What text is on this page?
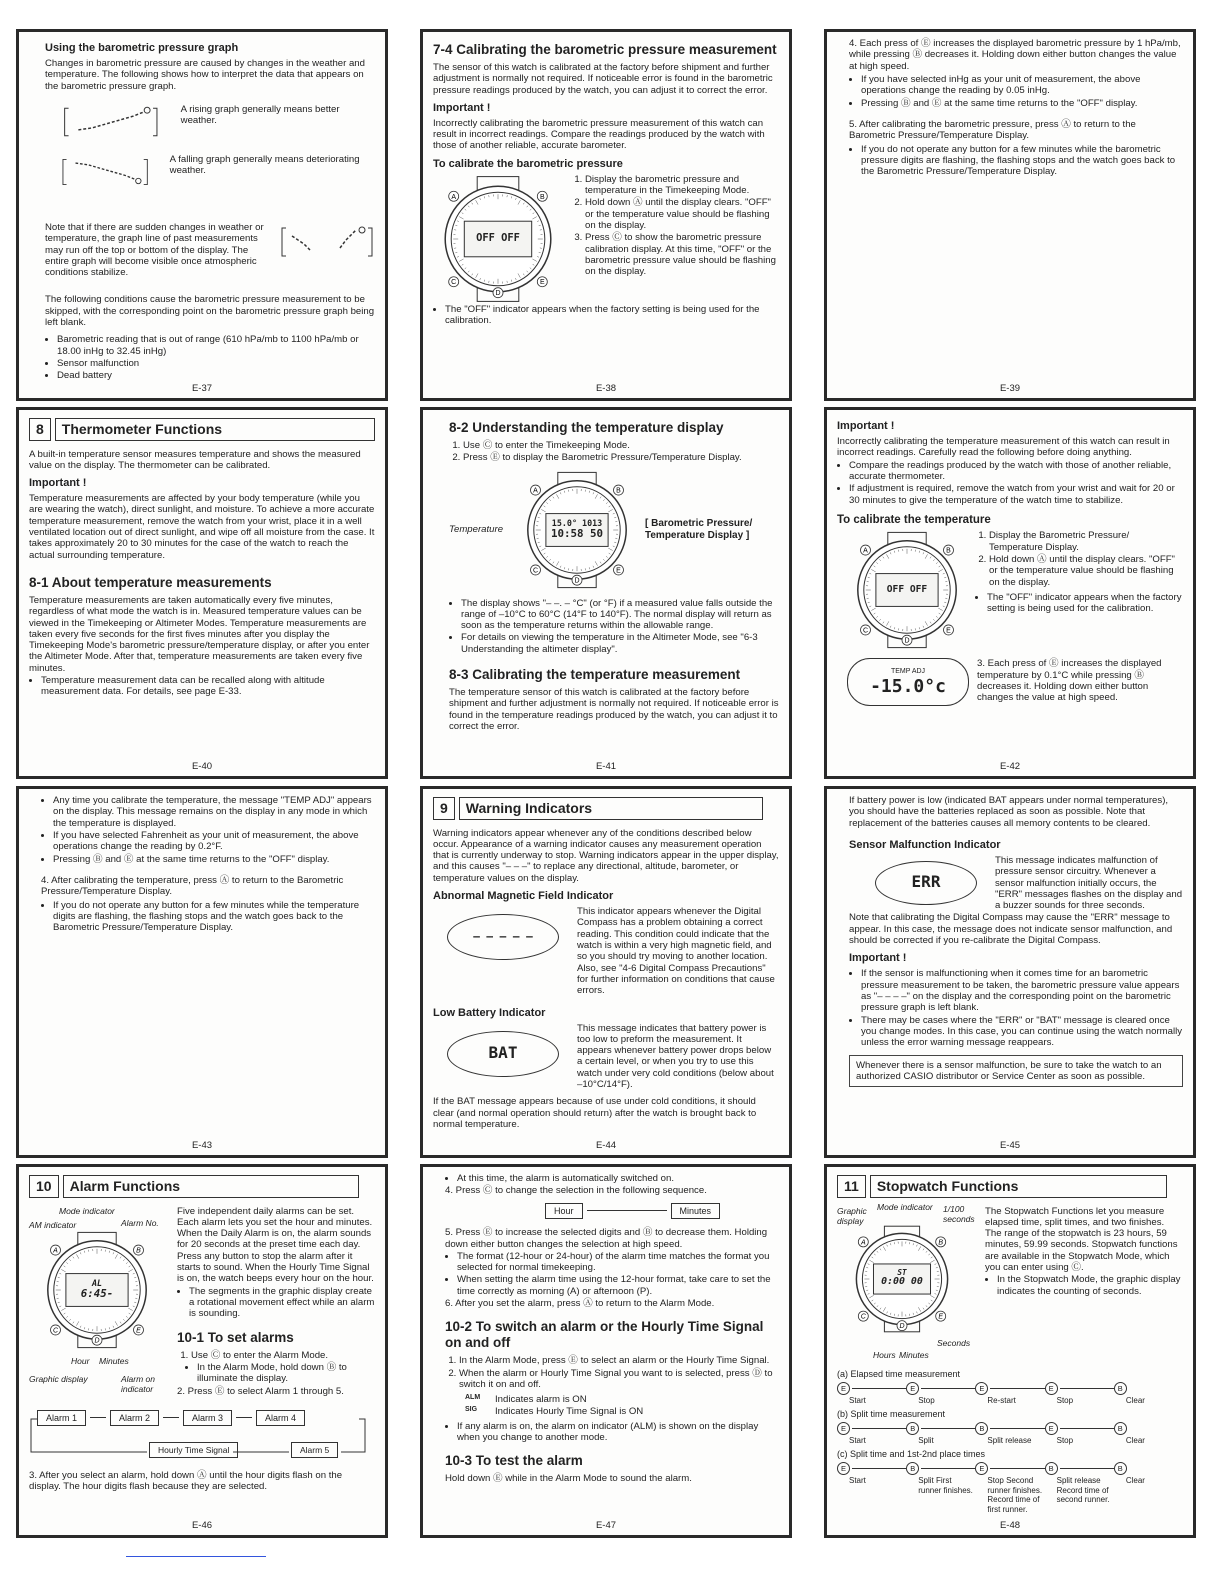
Using the barometric pressure graph

Changes in barometric pressure are caused by changes in the weather and temperature. The following shows how to interpret the data that appears on the barometric pressure graph.

A rising graph generally means better weather.

A falling graph generally means deteriorating weather.

Note that if there are sudden changes in weather or temperature, the graph line of past measurements may run off the top or bottom of the display. The entire graph will become visible once atmospheric conditions stabilize.

The following conditions cause the barometric pressure measurement to be skipped, with the corresponding point on the barometric pressure graph being left blank.

• Barometric reading that is out of range (610 hPa/mb to 1100 hPa/mb or 18.00 inHg to 32.45 inHg)
• Sensor malfunction
• Dead battery
E-37
7-4 Calibrating the barometric pressure measurement

The sensor of this watch is calibrated at the factory before shipment and further adjustment is normally not required. If noticeable error is found in the barometric pressure readings produced by the watch, you can adjust it to correct the error.

Important !

Incorrectly calibrating the barometric pressure measurement of this watch can result in incorrect readings. Compare the readings produced by the watch with those of another reliable, accurate barometer.

To calibrate the barometric pressure
A	B
C	E
D
OFF OFF
1. Display the barometric pressure and temperature in the Timekeeping Mode.
2. Hold down Ⓐ until the display clears. "OFF" or the temperature value should be flashing on the display.
3. Press Ⓒ to show the barometric pressure calibration display. At this time, "OFF" or the barometric pressure value should be flashing on the display.
• The "OFF" indicator appears when the factory setting is being used for the calibration.
E-38

4. Each press of Ⓔ increases the displayed barometric pressure by 1 hPa/mb, while pressing Ⓑ decreases it. Holding down either button changes the value at high speed.

• If you have selected inHg as your unit of measurement, the above operations change the reading by 0.05 inHg.
• Pressing Ⓑ and Ⓔ at the same time returns to the "OFF" display.

5. After calibrating the barometric pressure, press Ⓐ to return to the Barometric Pressure/Temperature Display.

• If you do not operate any button for a few minutes while the barometric pressure digits are flashing, the flashing stops and the watch goes back to the Barometric Pressure/Temperature Display.
E-39
8	Thermometer Functions

A built-in temperature sensor measures temperature and shows the measured value on the display. The thermometer can be calibrated.

Important !

Temperature measurements are affected by your body temperature (while you are wearing the watch), direct sunlight, and moisture. To achieve a more accurate temperature measurement, remove the watch from your wrist, place it in a well ventilated location out of direct sunlight, and wipe off all moisture from the case. It takes approximately 20 to 30 minutes for the case of the watch to reach the actual surrounding temperature.

8-1 About temperature measurements

Temperature measurements are taken automatically every five minutes, regardless of what mode the watch is in. Measured temperature values can be viewed in the Timekeeping or Altimeter Modes. Temperature measurements are taken every five seconds for the first fives minutes after you display the Timekeeping Mode's barometric pressure/temperature display, or after you enter the Altimeter Mode. After that, temperature measurements are taken every five minutes.

• Temperature measurement data can be recalled along with altitude measurement data. For details, see page E-33.
E-40
8-2 Understanding the temperature display
1. Use Ⓒ to enter the Timekeeping Mode.
2. Press Ⓔ to display the Barometric Pressure/Temperature Display.
Temperature
A	B
C	E
D
15.0° 1013
10:58 50
[ Barometric Pressure/ Temperature Display ]
• The display shows "– –. – °C" (or °F) if a measured value falls outside the range of –10°C to 60°C (14°F to 140°F). The normal display will return as soon as the temperature returns within the allowable range.
• For details on viewing the temperature in the Altimeter Mode, see "6-3 Understanding the altimeter display".
8-3 Calibrating the temperature measurement

The temperature sensor of this watch is calibrated at the factory before shipment and further adjustment is normally not required. If noticeable error is found in the temperature readings produced by the watch, you can adjust it to correct the error.

E-41
Important !

Incorrectly calibrating the temperature measurement of this watch can result in incorrect readings. Carefully read the following before doing anything.

• Compare the readings produced by the watch with those of another reliable, accurate thermometer.
• If adjustment is required, remove the watch from your wrist and wait for 20 or 30 minutes to give the temperature of the watch time to stabilize.
To calibrate the temperature
A	B
C	E
D
OFF OFF
1. Display the Barometric Pressure/ Temperature Display.
2. Hold down Ⓐ until the display clears. "OFF" or the temperature value should be flashing on the display.
• The "OFF" indicator appears when the factory setting is being used for the calibration.
TEMP ADJ
-15.0°c

3. Each press of Ⓔ increases the displayed temperature by 0.1°C while pressing Ⓑ decreases it. Holding down either button changes the value at high speed.

E-42
• Any time you calibrate the temperature, the message "TEMP ADJ" appears on the display. This message remains on the display in any mode in which the temperature is displayed.
• If you have selected Fahrenheit as your unit of measurement, the above operations change the reading by 0.2°F.
• Pressing Ⓑ and Ⓔ at the same time returns to the "OFF" display.

4. After calibrating the temperature, press Ⓐ to return to the Barometric Pressure/Temperature Display.

• If you do not operate any button for a few minutes while the temperature digits are flashing, the flashing stops and the watch goes back to the Barometric Pressure/Temperature Display.
E-43
9	Warning Indicators

Warning indicators appear whenever any of the conditions described below occur. Appearance of a warning indicator causes any measurement operation that is currently underway to stop. Warning indicators appear in the upper display, and this causes "– – –" to replace any directional, altitude, barometer, or temperature values on the display.

Abnormal Magnetic Field Indicator
– – – – –

This indicator appears whenever the Digital Compass has a problem obtaining a correct reading. This condition could indicate that the watch is within a very high magnetic field, and so you should try moving to another location. Also, see "4-6 Digital Compass Precautions" for further information on conditions that cause errors.

Low Battery Indicator
BAT

This message indicates that battery power is too low to preform the measurement. It appears whenever battery power drops below a certain level, or when you try to use this watch under very cold conditions (below about –10°C/14°F).

If the BAT message appears because of use under cold conditions, it should clear (and normal operation should return) after the watch is brought back to normal temperature.

E-44

If battery power is low (indicated BAT appears under normal temperatures), you should have the batteries replaced as soon as possible. Note that replacement of the batteries causes all memory contents to be cleared.

Sensor Malfunction Indicator
ERR

This message indicates malfunction of pressure sensor circuitry. Whenever a sensor malfunction initially occurs, the "ERR" messages flashes on the display and a buzzer sounds for three seconds.

Note that calibrating the Digital Compass may cause the "ERR" message to appear. In this case, the message does not indicate sensor malfunction, and should be corrected if you re-calibrate the Digital Compass.

Important !
• If the sensor is malfunctioning when it comes time for an barometric pressure measurement to be taken, the barometric pressure value appears as "– – – –" on the display and the corresponding point on the barometric pressure graph is left blank.
• There may be cases where the "ERR" or "BAT" message is cleared once you change modes. In this case, you can continue using the watch normally unless the error warning message reappears.
Whenever there is a sensor malfunction, be sure to take the watch to an authorized CASIO distributor or Service Center as soon as possible.
E-45
10	Alarm Functions
Mode indicator
AM indicator	Alarm No.
A	B
C	E
D
AL
6:45-
Hour Minutes
Graphic display	Alarm on indicator

Five independent daily alarms can be set. Each alarm lets you set the hour and minutes. When the Daily Alarm is on, the alarm sounds for 20 seconds at the preset time each day. Press any button to stop the alarm after it starts to sound. When the Hourly Time Signal is on, the watch beeps every hour on the hour.

• The segments in the graphic display create a rotational movement effect while an alarm is sounding.
10-1 To set alarms
1. Use Ⓒ to enter the Alarm Mode.
• In the Alarm Mode, hold down Ⓑ to illuminate the display.

2. Press Ⓔ to select Alarm 1 through 5.

Alarm 1	Alarm 2	Alarm 3	Alarm 4
Hourly Time Signal	Alarm 5

3. After you select an alarm, hold down Ⓐ until the hour digits flash on the display. The hour digits flash because they are selected.

E-46
• At this time, the alarm is automatically switched on.

4. Press Ⓒ to change the selection in the following sequence.

Hour	Minutes

5. Press Ⓔ to increase the selected digits and Ⓑ to decrease them. Holding down either button changes the selection at high speed.

• The format (12-hour or 24-hour) of the alarm time matches the format you selected for normal timekeeping.
• When setting the alarm time using the 12-hour format, take care to set the time correctly as morning (A) or afternoon (P).

6. After you set the alarm, press Ⓐ to return to the Alarm Mode.

10-2 To switch an alarm or the Hourly Time Signal on and off
1. In the Alarm Mode, press Ⓔ to select an alarm or the Hourly Time Signal.
2. When the alarm or Hourly Time Signal you want to is selected, press Ⓓ to switch it on and off.
ALM Indicates alarm is ON
SIG Indicates Hourly Time Signal is ON
• If any alarm is on, the alarm on indicator (ALM) is shown on the display when you change to another mode.
10-3 To test the alarm

Hold down Ⓔ while in the Alarm Mode to sound the alarm.

E-47
11	Stopwatch Functions
Graphic display
Mode indicator 1/100 seconds
A	B
C	E
D
ST
0:00 00
Seconds
Hours Minutes

The Stopwatch Functions let you measure elapsed time, split times, and two finishes. The range of the stopwatch is 23 hours, 59 minutes, 59.99 seconds. Stopwatch functions are available in the Stopwatch Mode, which you can enter using Ⓒ.

• In the Stopwatch Mode, the graphic display indicates the counting of seconds.
(a) Elapsed time measurement
E
Start
E
Stop
E
Re-start
E
Stop
B
Clear
(b) Split time measurement
E
Start
B
Split
B
Split release
E
Stop
B
Clear
(c) Split time and 1st-2nd place times
E
Start
B
Split First runner finishes.
E
Stop Second runner finishes. Record time of first runner.
B
Split release Record time of second runner.
B
Clear
E-48
